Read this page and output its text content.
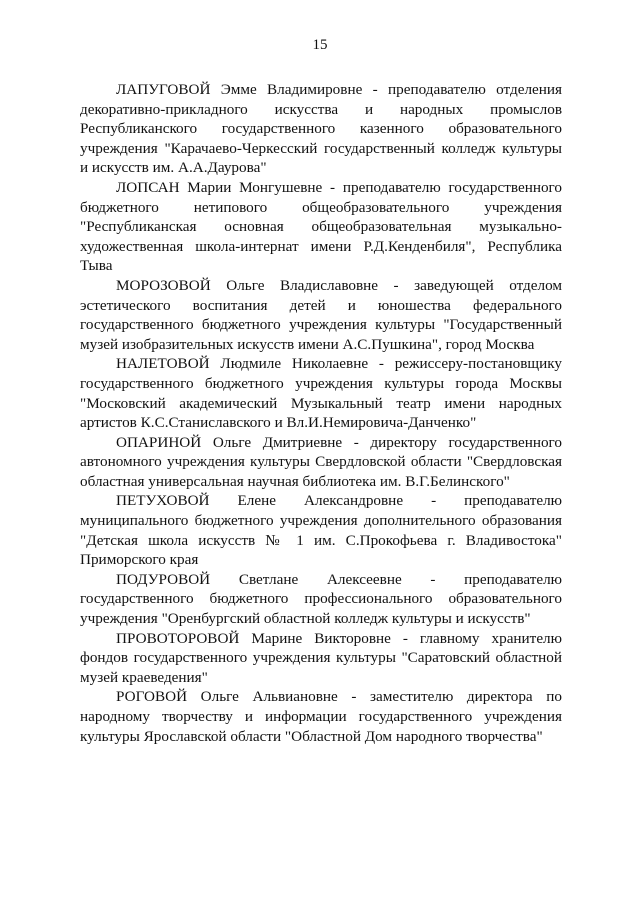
15

ЛАПУГОВОЙ Эмме Владимировне - преподавателю отделения декоративно-прикладного искусства и народных промыслов Республиканского государственного казенного образовательного учреждения "Карачаево-Черкесский государственный колледж культуры и искусств им. А.А.Даурова"

ЛОПСАН Марии Монгушевне - преподавателю государственного бюджетного нетипового общеобразовательного учреждения "Республиканская основная общеобразовательная музыкально-художественная школа-интернат имени Р.Д.Кенденбиля", Республика Тыва

МОРОЗОВОЙ Ольге Владиславовне - заведующей отделом эстетического воспитания детей и юношества федерального государственного бюджетного учреждения культуры "Государственный музей изобразительных искусств имени А.С.Пушкина", город Москва

НАЛЕТОВОЙ Людмиле Николаевне - режиссеру-постановщику государственного бюджетного учреждения культуры города Москвы "Московский академический Музыкальный театр имени народных артистов К.С.Станиславского и Вл.И.Немировича-Данченко"

ОПАРИНОЙ Ольге Дмитриевне - директору государственного автономного учреждения культуры Свердловской области "Свердловская областная универсальная научная библиотека им. В.Г.Белинского"

ПЕТУХОВОЙ Елене Александровне - преподавателю муниципального бюджетного учреждения дополнительного образования "Детская школа искусств № 1 им. С.Прокофьева г. Владивостока" Приморского края

ПОДУРОВОЙ Светлане Алексеевне - преподавателю государственного бюджетного профессионального образовательного учреждения "Оренбургский областной колледж культуры и искусств"

ПРОВОТОРОВОЙ Марине Викторовне - главному хранителю фондов государственного учреждения культуры "Саратовский областной музей краеведения"

РОГОВОЙ Ольге Альвиановне - заместителю директора по народному творчеству и информации государственного учреждения культуры Ярославской области "Областной Дом народного творчества"
